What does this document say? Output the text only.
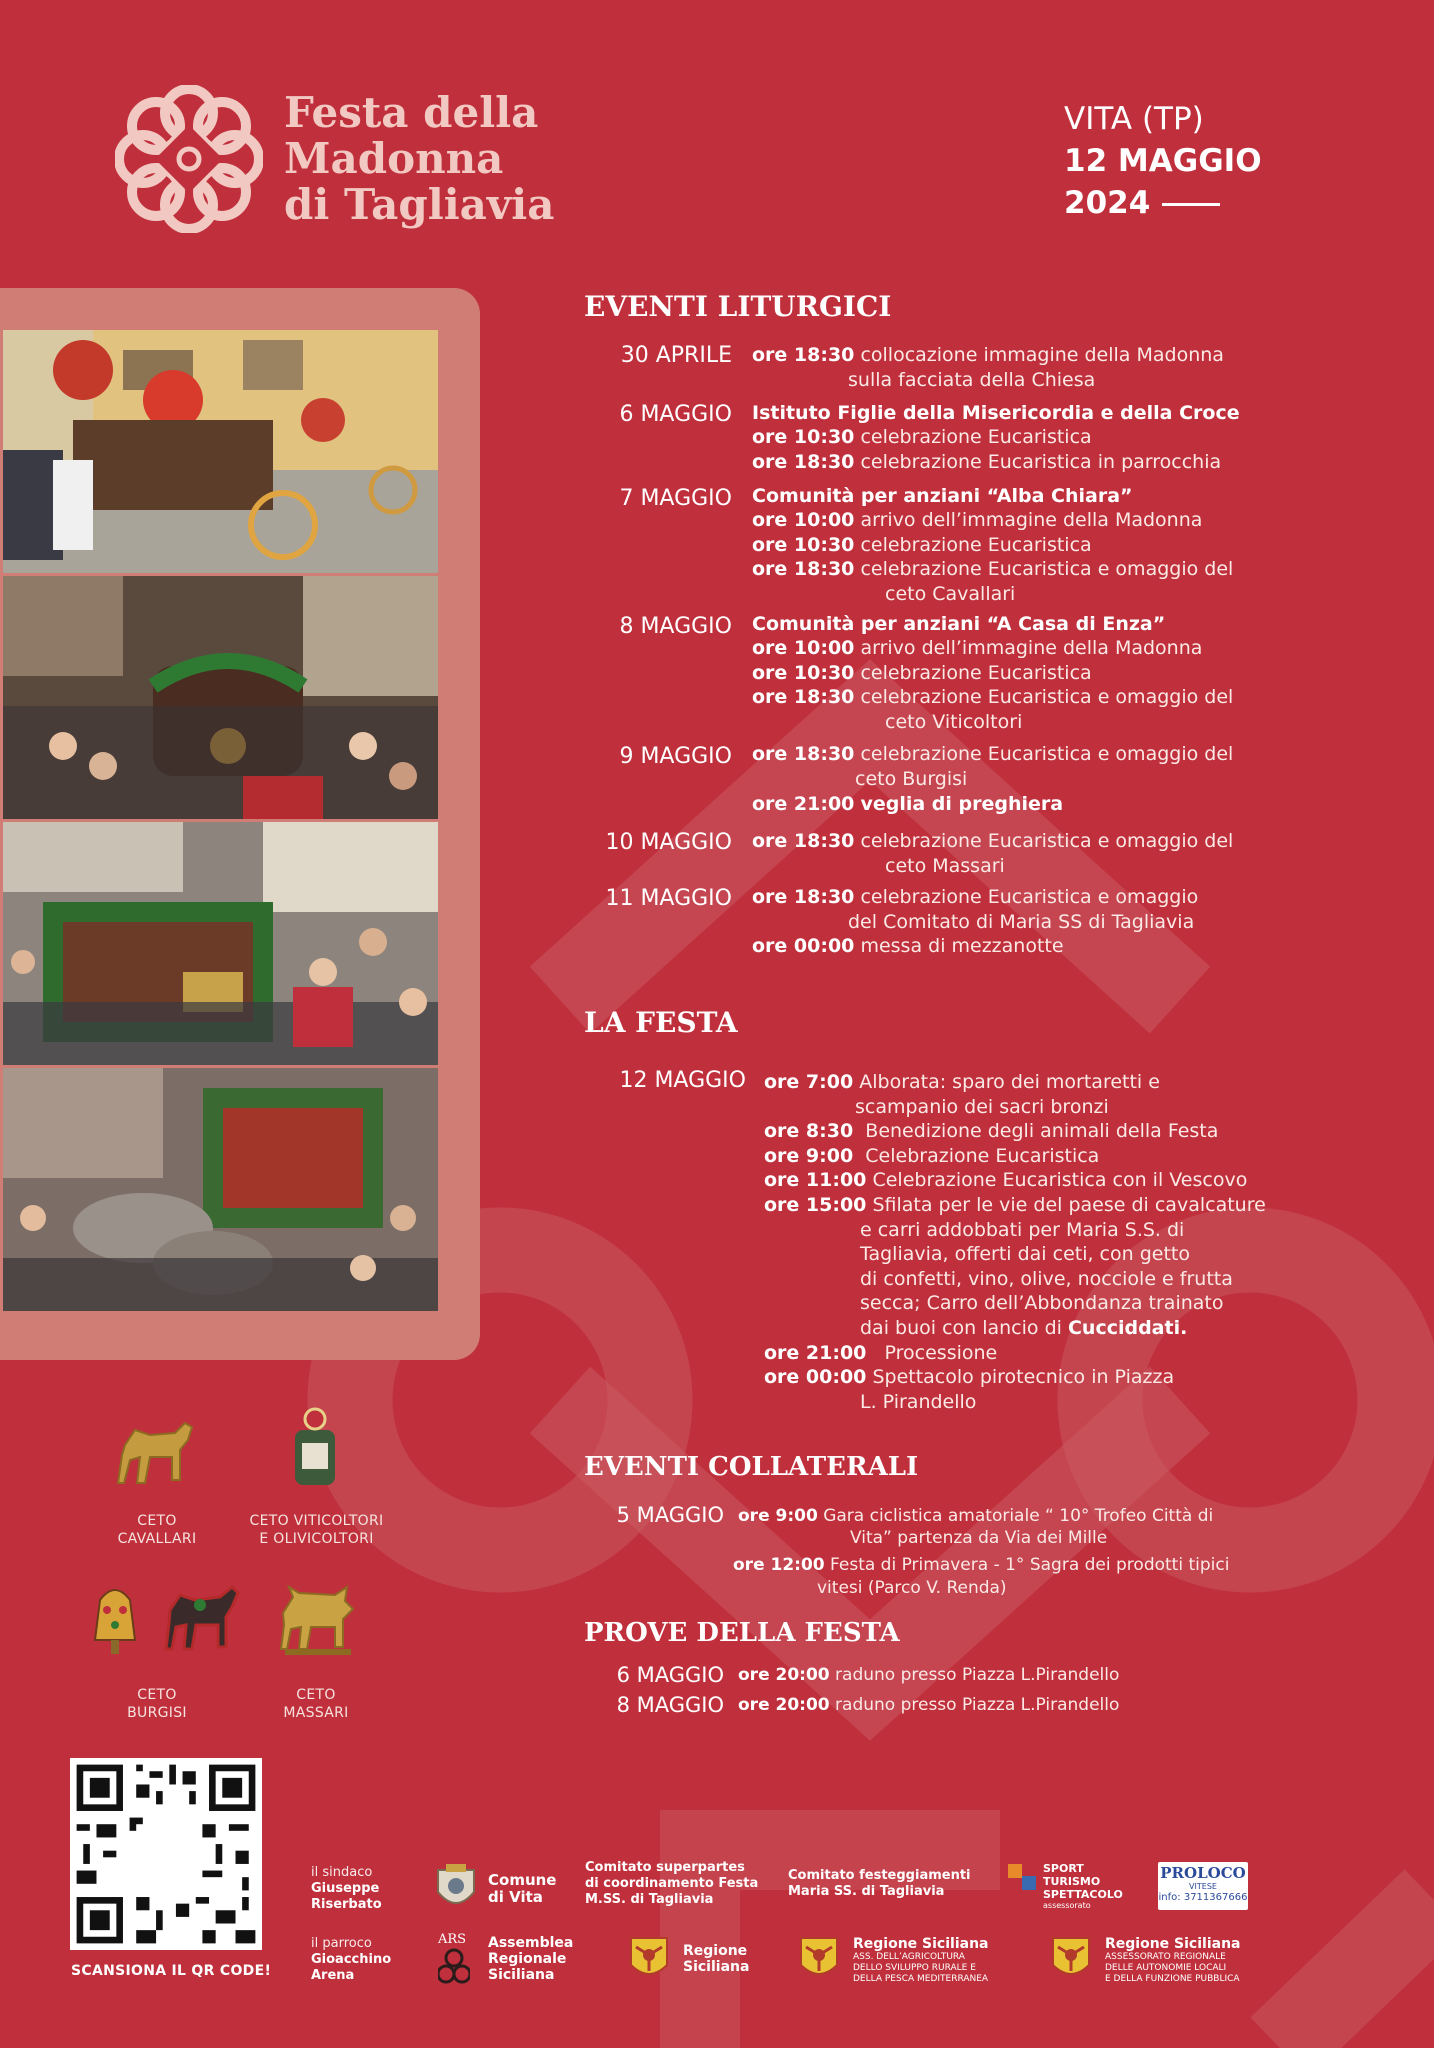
Festa della
Madonna
di Tagliavia
VITA (TP)
12 MAGGIO
2024
CETO
CAVALLARI
CETO VITICOLTORI
E OLIVICOLTORI
CETO
BURGISI
CETO
MASSARI
EVENTI LITURGICI
30 APRILE ore 18:30 collocazione immagine della Madonna
sulla facciata della Chiesa
6 MAGGIO Istituto Figlie della Misericordia e della Croce
ore 10:30 celebrazione Eucaristica
ore 18:30 celebrazione Eucaristica in parrocchia
7 MAGGIO Comunità per anziani “Alba Chiara”
ore 10:00 arrivo dell’immagine della Madonna
ore 10:30 celebrazione Eucaristica
ore 18:30 celebrazione Eucaristica e omaggio del
ceto Cavallari
8 MAGGIO Comunità per anziani “A Casa di Enza”
ore 10:00 arrivo dell’immagine della Madonna
ore 10:30 celebrazione Eucaristica
ore 18:30 celebrazione Eucaristica e omaggio del
ceto Viticoltori
9 MAGGIO ore 18:30 celebrazione Eucaristica e omaggio del
ceto Burgisi
ore 21:00 veglia di preghiera
10 MAGGIO ore 18:30 celebrazione Eucaristica e omaggio del
ceto Massari
11 MAGGIO ore 18:30 celebrazione Eucaristica e omaggio
del Comitato di Maria SS di Tagliavia
ore 00:00 messa di mezzanotte
LA FESTA
12 MAGGIO ore 7:00 Alborata: sparo dei mortaretti e
scampanio dei sacri bronzi
ore 8:30 Benedizione degli animali della Festa
ore 9:00 Celebrazione Eucaristica
ore 11:00 Celebrazione Eucaristica con il Vescovo
ore 15:00 Sfilata per le vie del paese di cavalcature
e carri addobbati per Maria S.S. di
Tagliavia, offerti dai ceti, con getto
di confetti, vino, olive, nocciole e frutta
secca; Carro dell’Abbondanza trainato
dai buoi con lancio di Cucciddati.
ore 21:00 Processione
ore 00:00 Spettacolo pirotecnico in Piazza
L. Pirandello
EVENTI COLLATERALI
5 MAGGIO ore 9:00 Gara ciclistica amatoriale “ 10° Trofeo Città di
Vita” partenza da Via dei Mille
ore 12:00 Festa di Primavera - 1° Sagra dei prodotti tipici
vitesi (Parco V. Renda)
PROVE DELLA FESTA
6 MAGGIO ore 20:00 raduno presso Piazza L.Pirandello
8 MAGGIO ore 20:00 raduno presso Piazza L.Pirandello
SCANSIONA IL QR CODE!
il sindaco
Giuseppe
Riserbato
il parroco
Gioacchino
Arena
Comune
di Vita
ARS Assemblea
Regionale
Siciliana
Comitato superpartes
di coordinamento Festa
M.SS. di Tagliavia
Comitato festeggiamenti
Maria SS. di Tagliavia
Regione
Siciliana
SPORT
TURISMO
SPETTACOLO
assessorato
PROLOCO
VITESE
info: 3711367666
Regione Siciliana
ASS. DELL’AGRICOLTURA
DELLO SVILUPPO RURALE E
DELLA PESCA MEDITERRANEA
Regione Siciliana
ASSESSORATO REGIONALE
DELLE AUTONOMIE LOCALI
E DELLA FUNZIONE PUBBLICA
